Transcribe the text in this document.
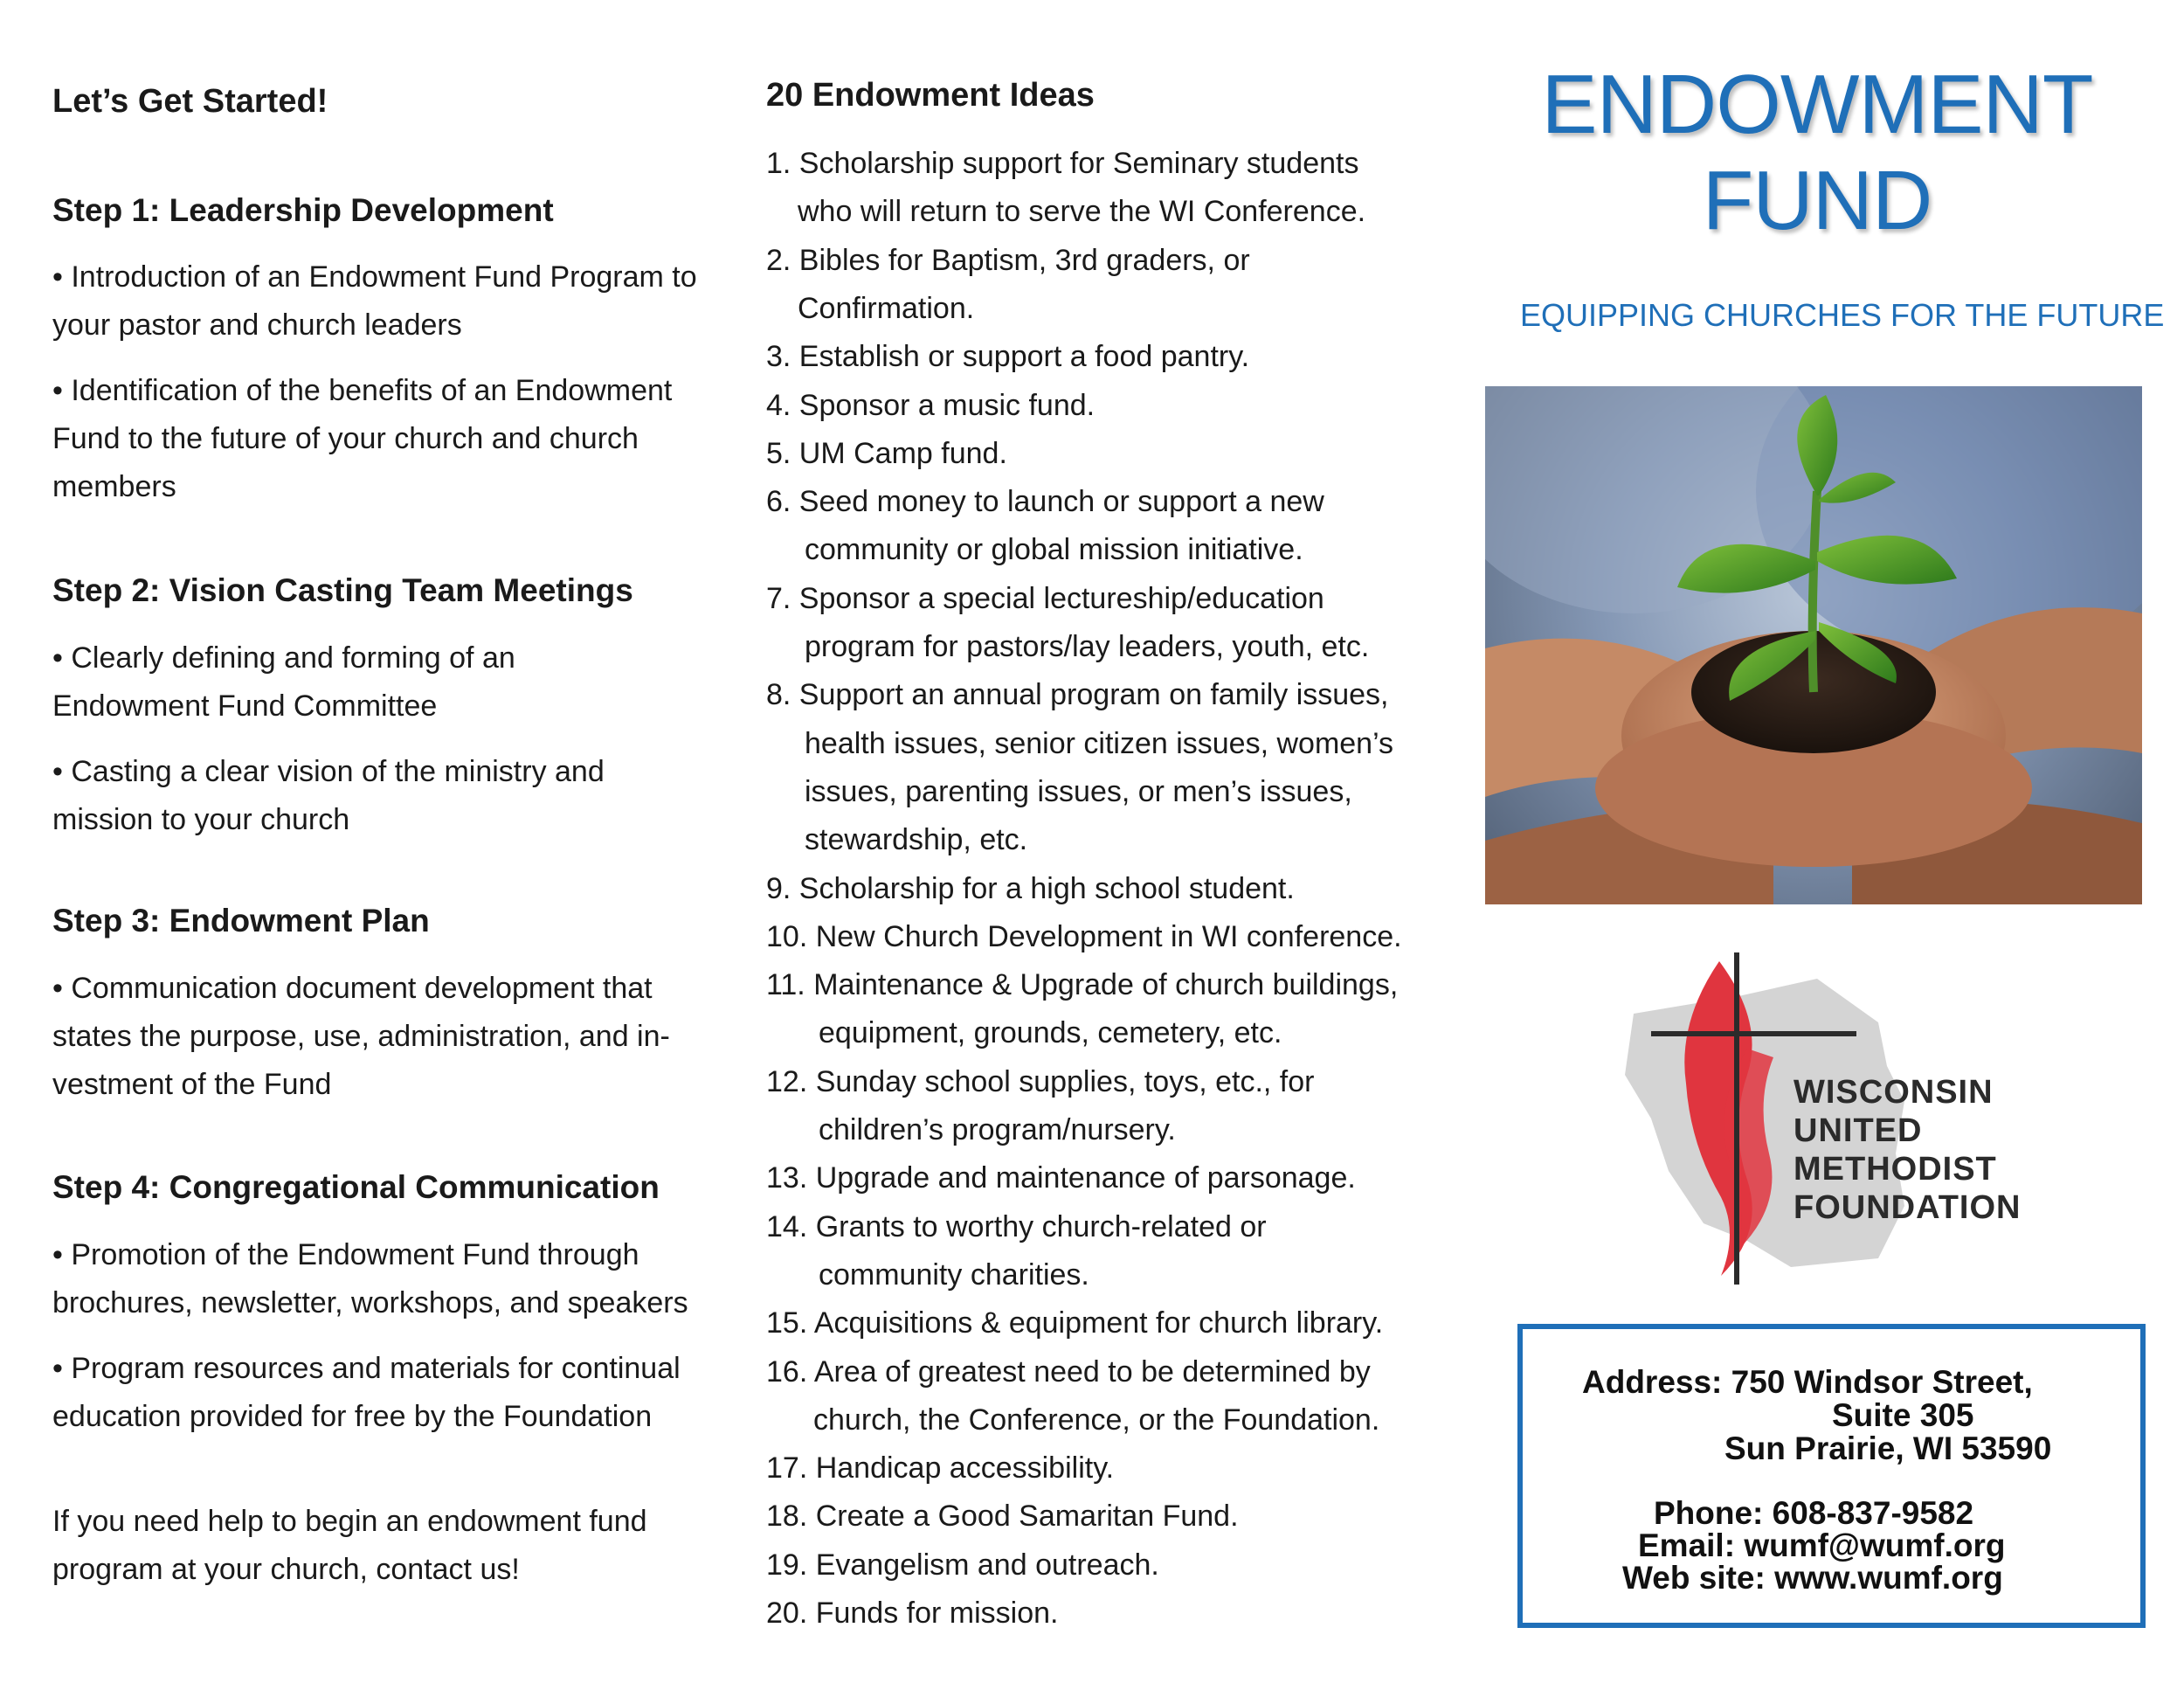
Let’s Get Started!
Step 1: Leadership Development
• Introduction of an Endowment Fund Program to
your pastor and church leaders
• Identification of the benefits of an Endowment
Fund to the future of your church and church
members
Step 2: Vision Casting Team Meetings
• Clearly defining and forming of an
Endowment Fund Committee
• Casting a clear vision of the ministry and
mission to your church
Step 3: Endowment Plan
• Communication document development that
states the purpose, use, administration, and in-
vestment of the Fund
Step 4: Congregational Communication
• Promotion of the Endowment Fund through
brochures, newsletter, workshops, and speakers
• Program resources and materials for continual
education provided for free by the Foundation
If you need help to begin an endowment fund
program at your church, contact us!
20 Endowment Ideas
1. Scholarship support for Seminary students
who will return to serve the WI Conference.
2. Bibles for Baptism, 3rd graders, or
Confirmation.
3. Establish or support a food pantry.
4. Sponsor a music fund.
5. UM Camp fund.
6. Seed money to launch or support a new
community or global mission initiative.
7. Sponsor a special lectureship/education
program for pastors/lay leaders, youth, etc.
8. Support an annual program on family issues,
health issues, senior citizen issues, women’s
issues, parenting issues, or men’s issues,
stewardship, etc.
9. Scholarship for a high school student.
10. New Church Development in WI conference.
11. Maintenance & Upgrade of church buildings,
equipment, grounds, cemetery, etc.
12. Sunday school supplies, toys, etc., for
children’s program/nursery.
13. Upgrade and maintenance of parsonage.
14. Grants to worthy church-related or
community charities.
15. Acquisitions & equipment for church library.
16. Area of greatest need to be determined by
church, the Conference, or the Foundation.
17. Handicap accessibility.
18. Create a Good Samaritan Fund.
19. Evangelism and outreach.
20. Funds for mission.
ENDOWMENT
FUND
EQUIPPING CHURCHES FOR THE FUTURE
WISCONSIN
UNITED
METHODIST
FOUNDATION
Address: 750 Windsor Street,
Suite 305
Sun Prairie, WI 53590
Phone: 608-837-9582
Email: wumf@wumf.org
Web site: www.wumf.org
